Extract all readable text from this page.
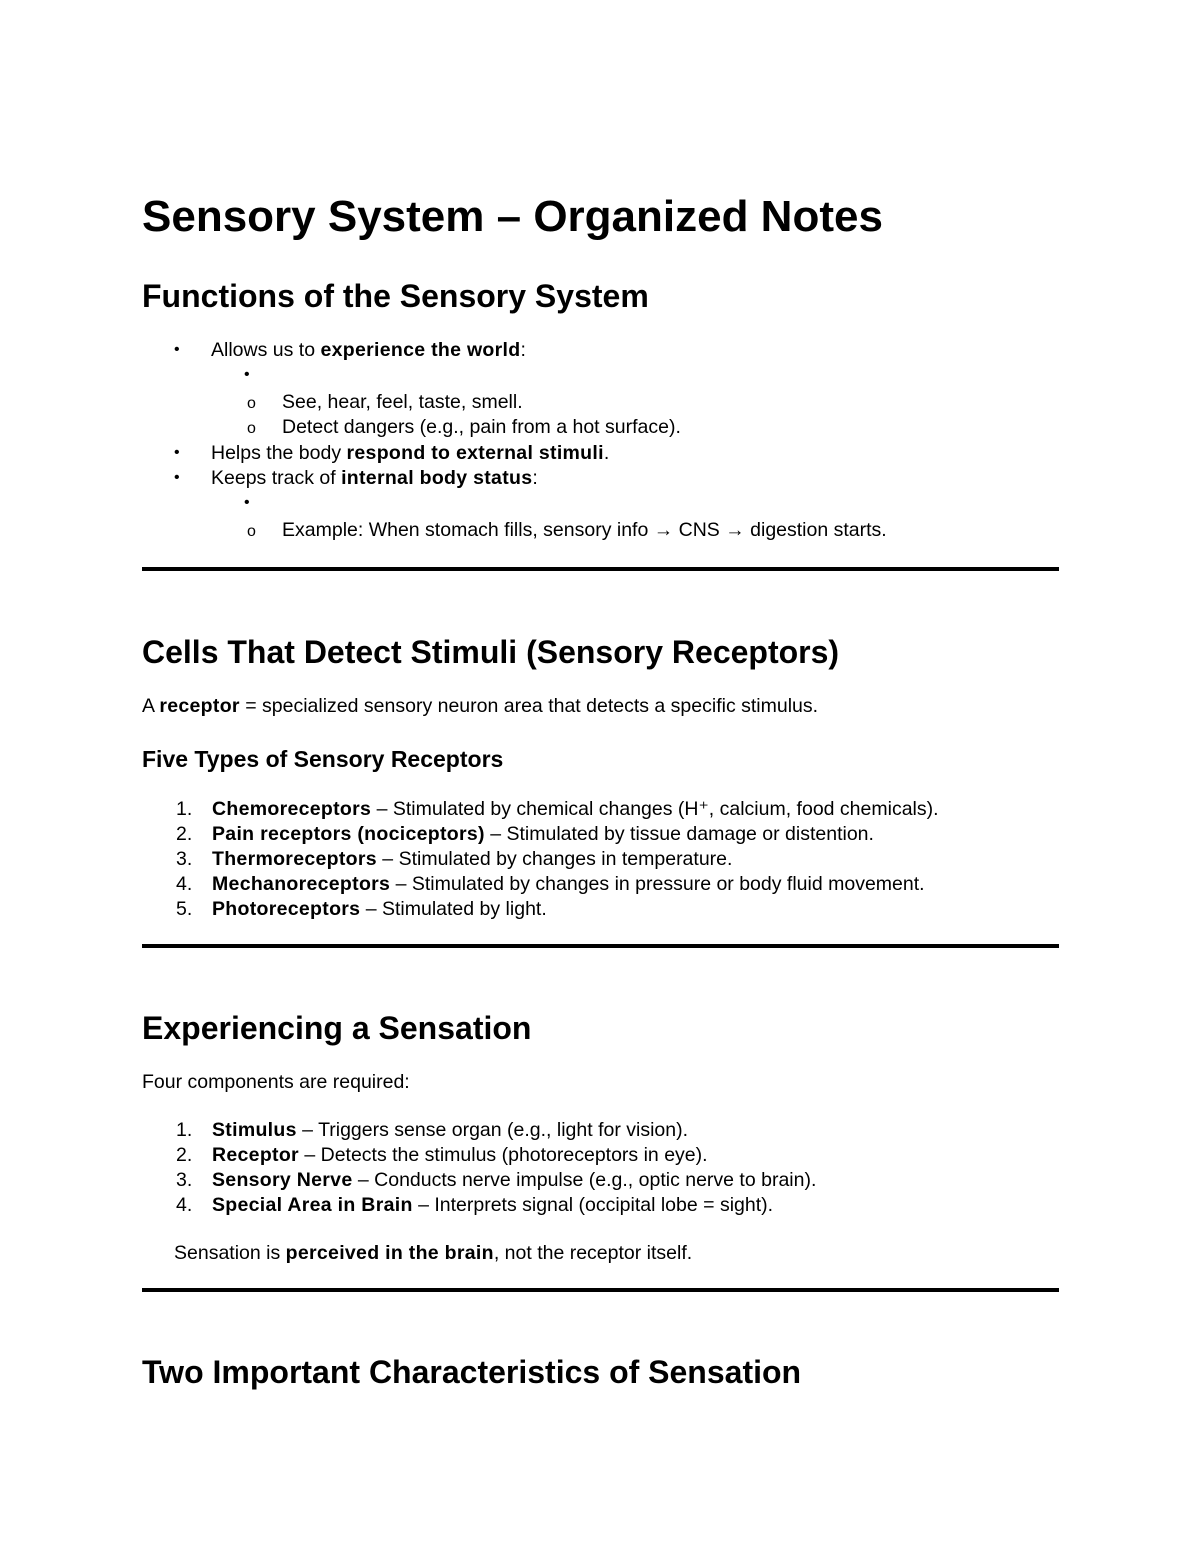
Sensory System – Organized Notes
Functions of the Sensory System
• Allows us to experience the world:
•
o See, hear, feel, taste, smell.
o Detect dangers (e.g., pain from a hot surface).
• Helps the body respond to external stimuli.
• Keeps track of internal body status:
•
o Example: When stomach fills, sensory info → CNS → digestion starts.
Cells That Detect Stimuli (Sensory Receptors)
A receptor = specialized sensory neuron area that detects a specific stimulus.
Five Types of Sensory Receptors
1. Chemoreceptors – Stimulated by chemical changes (H⁺, calcium, food chemicals).
2. Pain receptors (nociceptors) – Stimulated by tissue damage or distention.
3. Thermoreceptors – Stimulated by changes in temperature.
4. Mechanoreceptors – Stimulated by changes in pressure or body fluid movement.
5. Photoreceptors – Stimulated by light.
Experiencing a Sensation
Four components are required:
1. Stimulus – Triggers sense organ (e.g., light for vision).
2. Receptor – Detects the stimulus (photoreceptors in eye).
3. Sensory Nerve – Conducts nerve impulse (e.g., optic nerve to brain).
4. Special Area in Brain – Interprets signal (occipital lobe = sight).
Sensation is perceived in the brain, not the receptor itself.
Two Important Characteristics of Sensation
